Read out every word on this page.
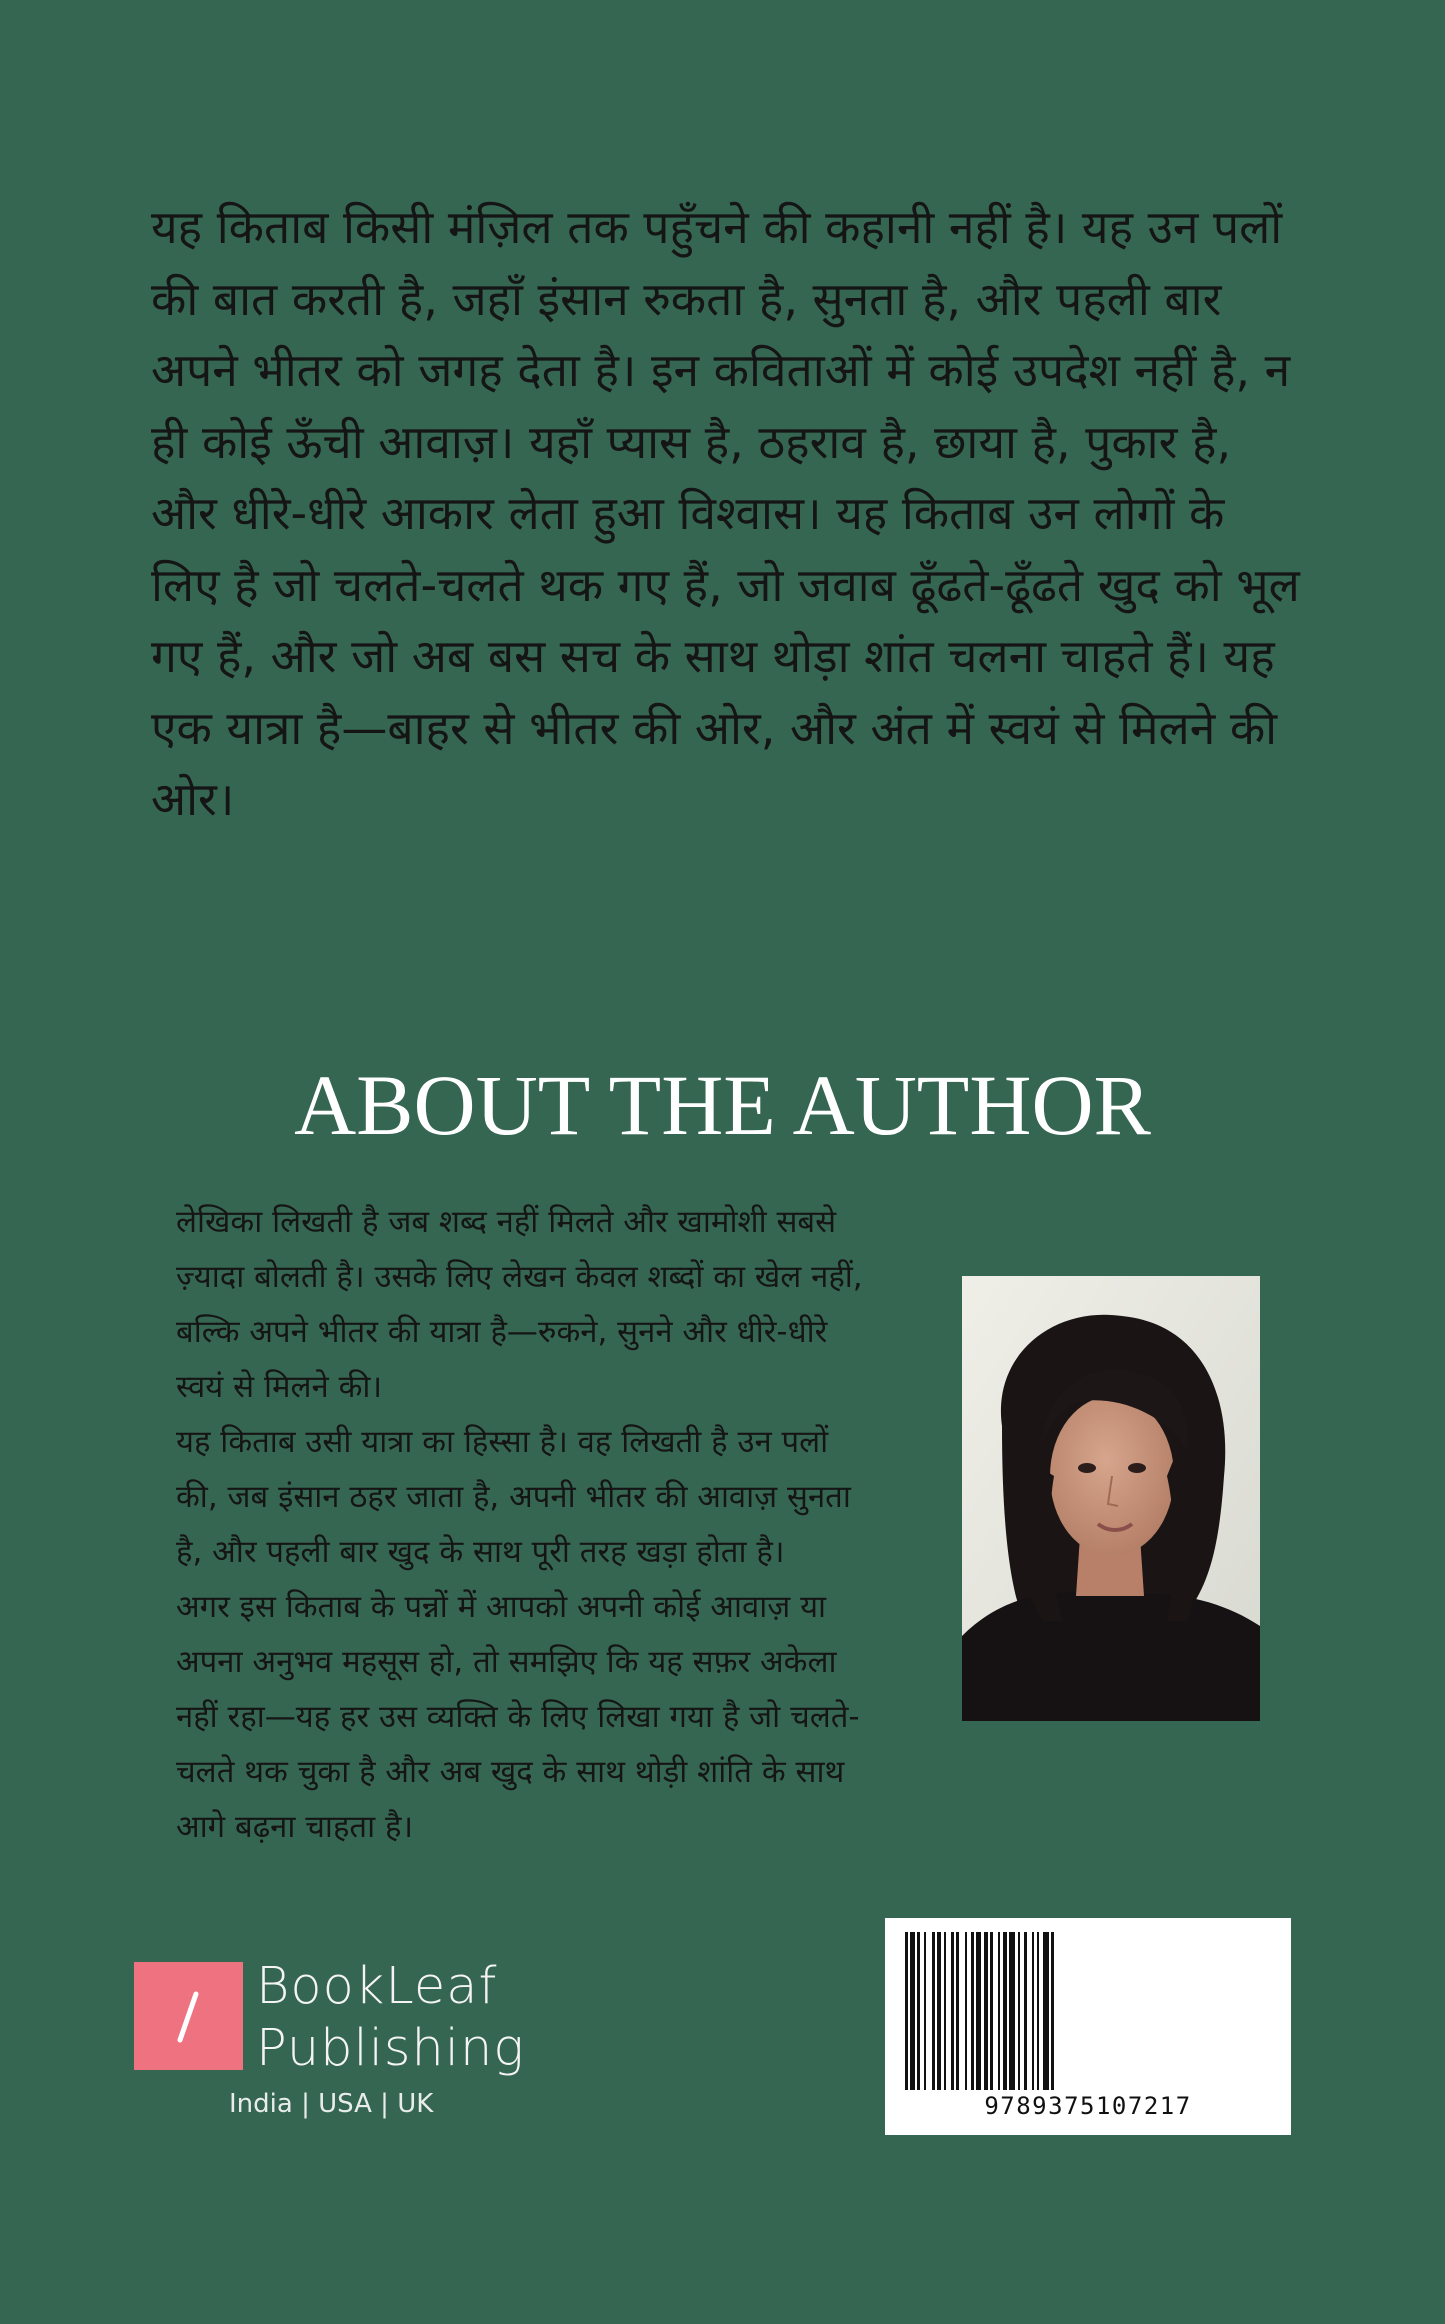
यह किताब किसी मंज़िल तक पहुँचने की कहानी नहीं है। यह उन पलों की बात करती है, जहाँ इंसान रुकता है, सुनता है, और पहली बार अपने भीतर को जगह देता है। इन कविताओं में कोई उपदेश नहीं है, न ही कोई ऊँची आवाज़। यहाँ प्यास है, ठहराव है, छाया है, पुकार है, और धीरे-धीरे आकार लेता हुआ विश्वास। यह किताब उन लोगों के लिए है जो चलते-चलते थक गए हैं, जो जवाब ढूँढते-ढूँढते खुद को भूल गए हैं, और जो अब बस सच के साथ थोड़ा शांत चलना चाहते हैं। यह एक यात्रा है—बाहर से भीतर की ओर, और अंत में स्वयं से मिलने की ओर।

ABOUT THE AUTHOR

लेखिका लिखती है जब शब्द नहीं मिलते और खामोशी सबसे ज़्यादा बोलती है। उसके लिए लेखन केवल शब्दों का खेल नहीं, बल्कि अपने भीतर की यात्रा है—रुकने, सुनने और धीरे-धीरे स्वयं से मिलने की।

यह किताब उसी यात्रा का हिस्सा है। वह लिखती है उन पलों की, जब इंसान ठहर जाता है, अपनी भीतर की आवाज़ सुनता है, और पहली बार खुद के साथ पूरी तरह खड़ा होता है।

अगर इस किताब के पन्नों में आपको अपनी कोई आवाज़ या अपना अनुभव महसूस हो, तो समझिए कि यह सफ़र अकेला नहीं रहा—यह हर उस व्यक्ति के लिए लिखा गया है जो चलते-चलते थक चुका है और अब खुद के साथ थोड़ी शांति के साथ आगे बढ़ना चाहता है।

BookLeaf
Publishing
India | USA | UK	9789375107217
